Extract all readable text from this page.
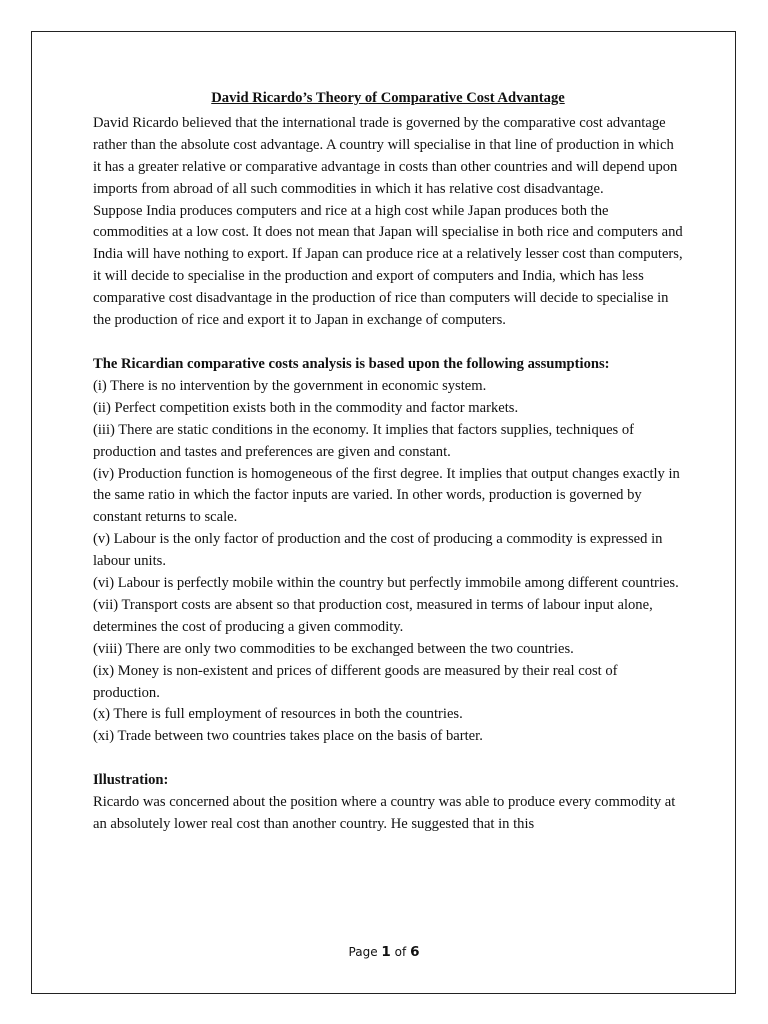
David Ricardo’s Theory of Comparative Cost Advantage

David Ricardo believed that the international trade is governed by the comparative cost advantage rather than the absolute cost advantage. A country will specialise in that line of production in which it has a greater relative or comparative advantage in costs than other countries and will depend upon imports from abroad of all such commodities in which it has relative cost disadvantage.

Suppose India produces computers and rice at a high cost while Japan produces both the commodities at a low cost. It does not mean that Japan will specialise in both rice and computers and India will have nothing to export. If Japan can produce rice at a relatively lesser cost than computers, it will decide to specialise in the production and export of computers and India, which has less comparative cost disadvantage in the production of rice than computers will decide to specialise in the production of rice and export it to Japan in exchange of computers.

The Ricardian comparative costs analysis is based upon the following assumptions:

(i) There is no intervention by the government in economic system.
(ii) Perfect competition exists both in the commodity and factor markets.
(iii) There are static conditions in the economy. It implies that factors supplies, techniques of production and tastes and preferences are given and constant.
(iv) Production function is homogeneous of the first degree. It implies that output changes exactly in the same ratio in which the factor inputs are varied. In other words, production is governed by constant returns to scale.
(v) Labour is the only factor of production and the cost of producing a commodity is expressed in labour units.
(vi) Labour is perfectly mobile within the country but perfectly immobile among different countries.
(vii) Transport costs are absent so that production cost, measured in terms of labour input alone, determines the cost of producing a given commodity.
(viii) There are only two commodities to be exchanged between the two countries.
(ix) Money is non-existent and prices of different goods are measured by their real cost of production.
(x) There is full employment of resources in both the countries.
(xi) Trade between two countries takes place on the basis of barter.

Illustration:

Ricardo was concerned about the position where a country was able to produce every commodity at an absolutely lower real cost than another country. He suggested that in this

Page 1 of 6
